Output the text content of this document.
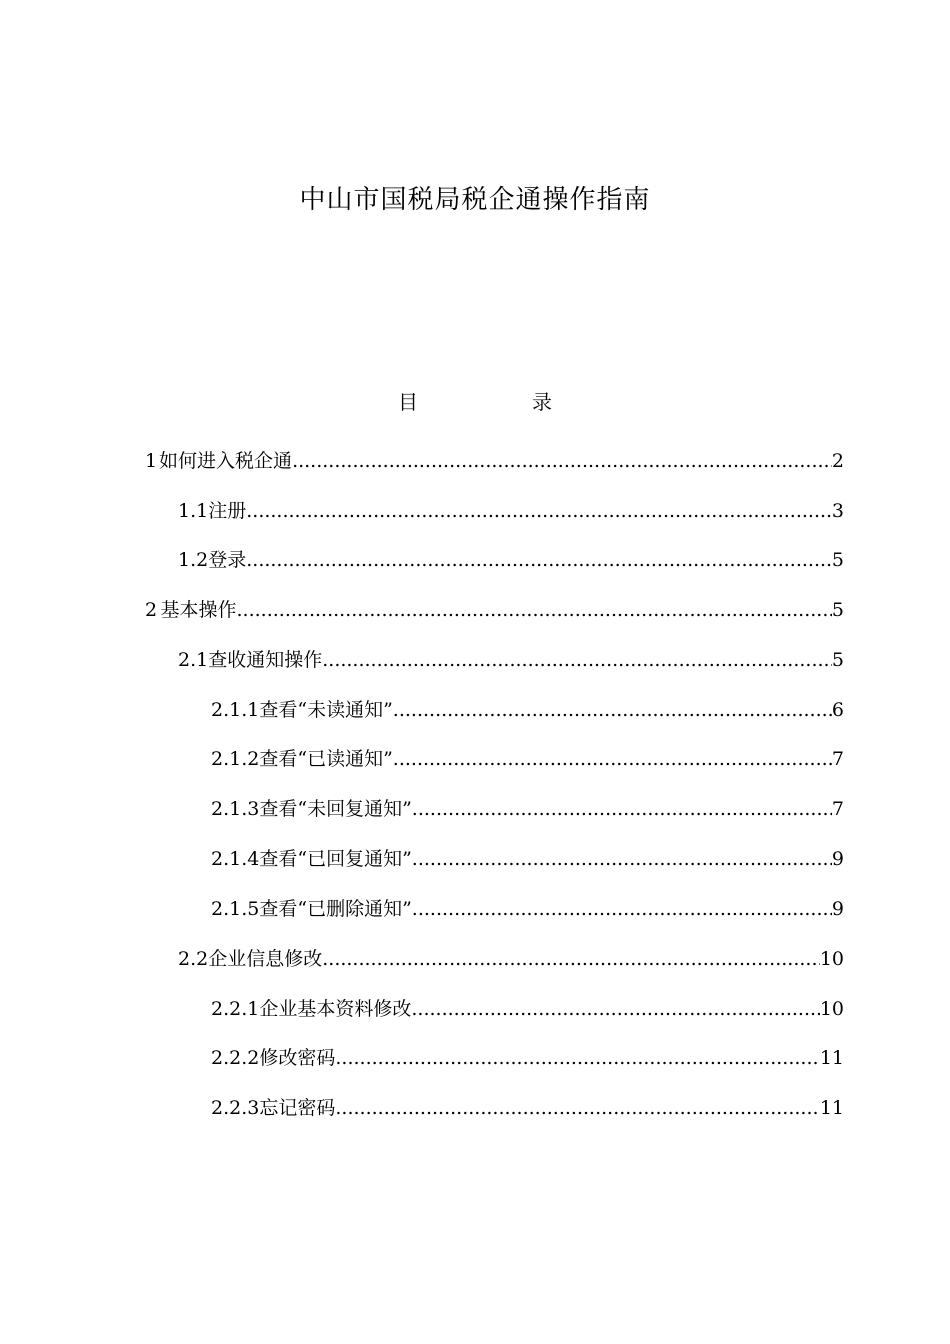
中山市国税局税企通操作指南
目	录
1 如何进入税企通 .....	2
1.1 注册 .....	3
1.2 登录 .....	5
2 基本操作 .....	5
2.1 查收通知操作 .....	5
2.1.1 查看“未读通知” .....	6
2.1.2 查看“已读通知” .....	7
2.1.3 查看“未回复通知” .....	7
2.1.4 查看“已回复通知” .....	9
2.1.5 查看“已删除通知” .....	9
2.2 企业信息修改 .....	10
2.2.1 企业基本资料修改 .....	10
2.2.2 修改密码 .....	11
2.2.3 忘记密码 .....	11
